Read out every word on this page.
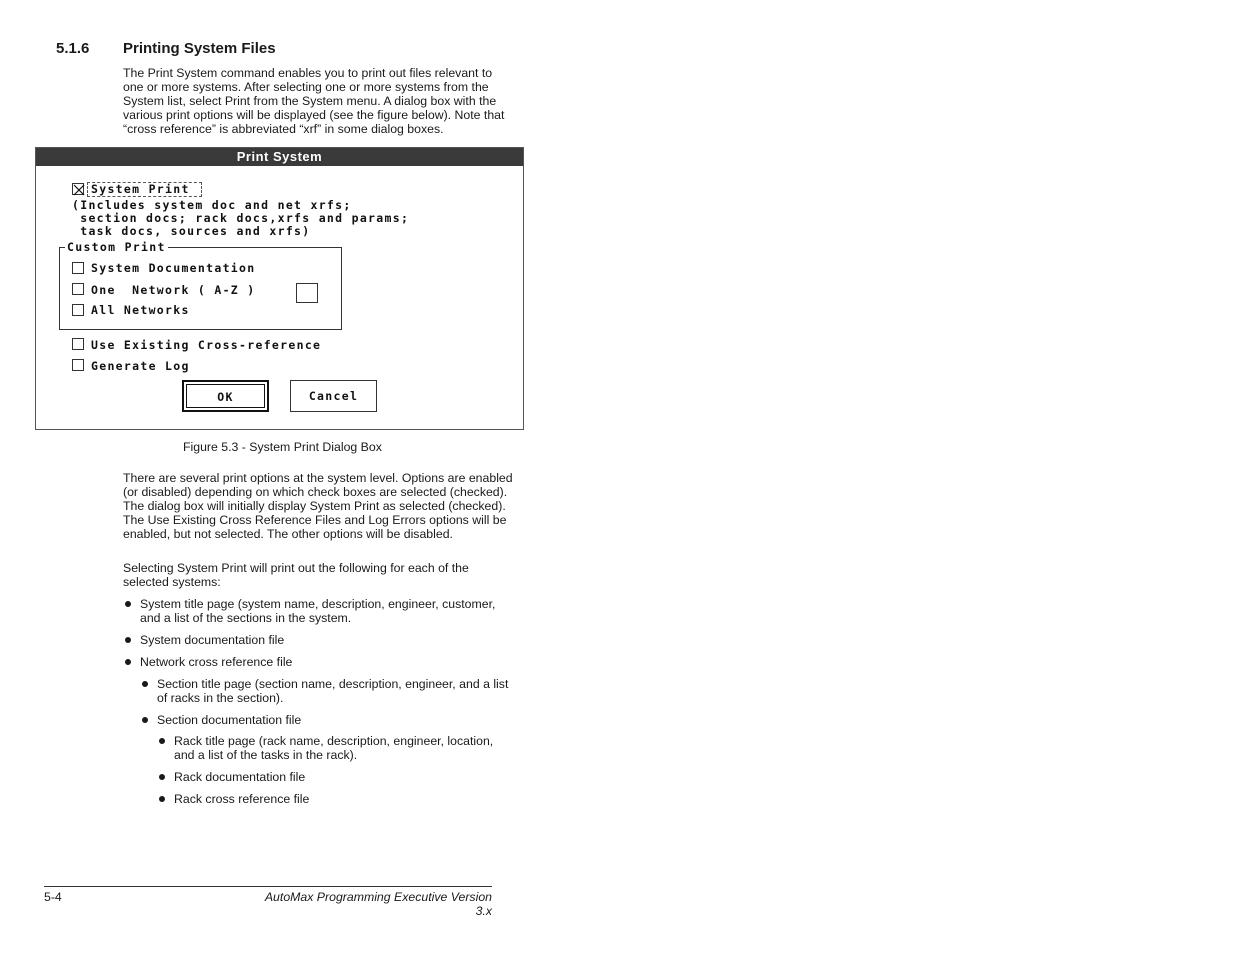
5.1.6 Printing System Files

The Print System command enables you to print out files relevant to one or more systems. After selecting one or more systems from the System list, select Print from the System menu. A dialog box with the various print options will be displayed (see the figure below). Note that “cross reference” is abbreviated “xrf” in some dialog boxes.

Print System
System Print
(Includes system doc and net xrfs;
section docs; rack docs,xrfs and params;
task docs, sources and xrfs)
Custom Print
System Documentation
One  Network ( A-Z )
All Networks
Use Existing Cross-reference
Generate Log
OK	Cancel
Figure 5.3 - System Print Dialog Box

There are several print options at the system level. Options are enabled (or disabled) depending on which check boxes are selected (checked). The dialog box will initially display System Print as selected (checked). The Use Existing Cross Reference Files and Log Errors options will be enabled, but not selected. The other options will be disabled.

Selecting System Print will print out the following for each of the selected systems:

System title page (system name, description, engineer, customer, and a list of the sections in the system.
System documentation file
Network cross reference file
Section title page (section name, description, engineer, and a list of racks in the section).
Section documentation file
Rack title page (rack name, description, engineer, location, and a list of the tasks in the rack).
Rack documentation file
Rack cross reference file
5-4	AutoMax Programming Executive Version 3.x
